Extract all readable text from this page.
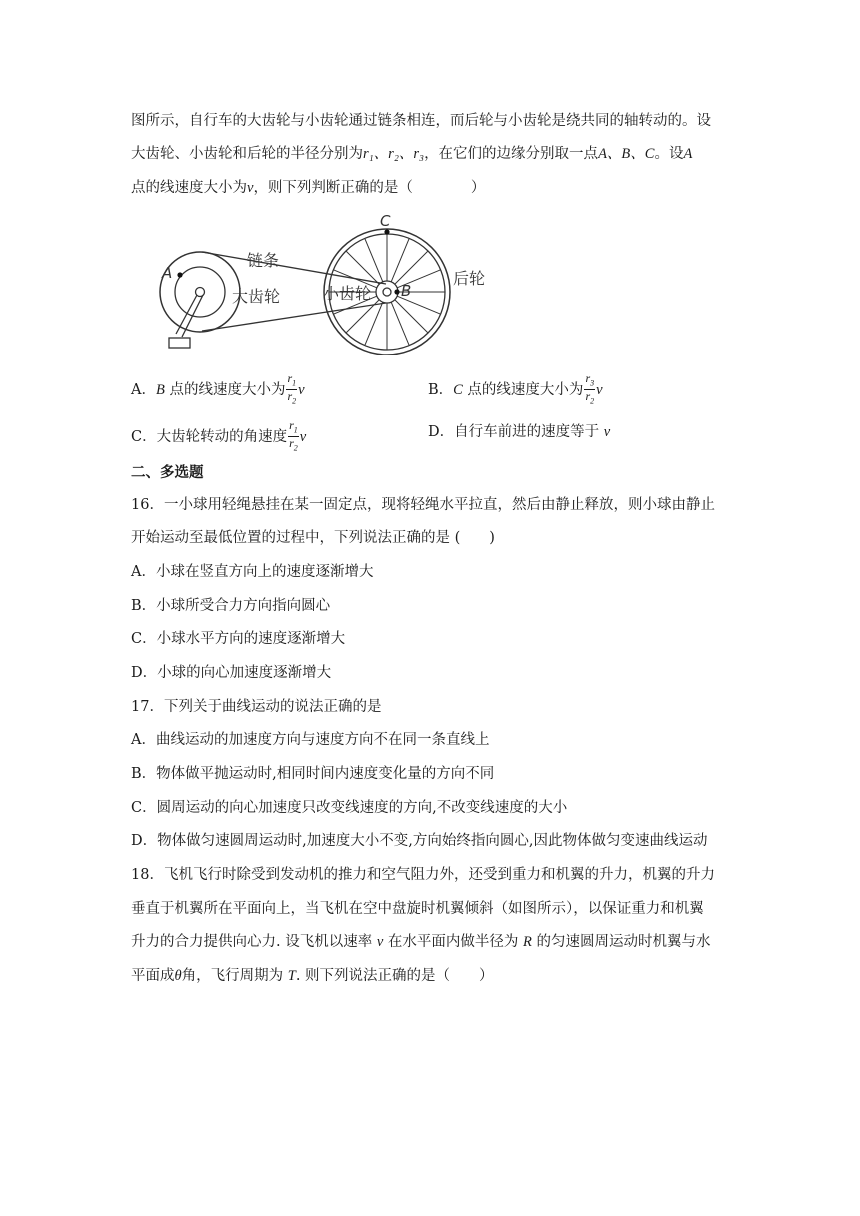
图所示，自行车的大齿轮与小齿轮通过链条相连，而后轮与小齿轮是绕共同的轴转动的。设
大齿轮、小齿轮和后轮的半径分别为r₁、r₂、r₃，在它们的边缘分别取一点A、B、C。设A
点的线速度大小为v，则下列判断正确的是（　　　　）
A
B
C
链条
大齿轮	小齿轮
后轮
A．B 点的线速度大小为 $\frac{r_1}{r_2}$ v	B．C 点的线速度大小为 $\frac{r_3}{r_2}$ v
C．大齿轮转动的角速度 $\frac{r_1}{r_2}$ v	D．自行车前进的速度等于 v
二、多选题
16．一小球用轻绳悬挂在某一固定点，现将轻绳水平拉直，然后由静止释放，则小球由静止
开始运动至最低位置的过程中，下列说法正确的是 (　　)
A．小球在竖直方向上的速度逐渐增大
B．小球所受合力方向指向圆心
C．小球水平方向的速度逐渐增大
D．小球的向心加速度逐渐增大
17．下列关于曲线运动的说法正确的是
A．曲线运动的加速度方向与速度方向不在同一条直线上
B．物体做平抛运动时,相同时间内速度变化量的方向不同
C．圆周运动的向心加速度只改变线速度的方向,不改变线速度的大小
D．物体做匀速圆周运动时,加速度大小不变,方向始终指向圆心,因此物体做匀变速曲线运动
18．飞机飞行时除受到发动机的推力和空气阻力外，还受到重力和机翼的升力，机翼的升力
垂直于机翼所在平面向上，当飞机在空中盘旋时机翼倾斜（如图所示），以保证重力和机翼
升力的合力提供向心力. 设飞机以速率 v 在水平面内做半径为 R 的匀速圆周运动时机翼与水
平面成θ角，飞行周期为 T. 则下列说法正确的是（　　）
